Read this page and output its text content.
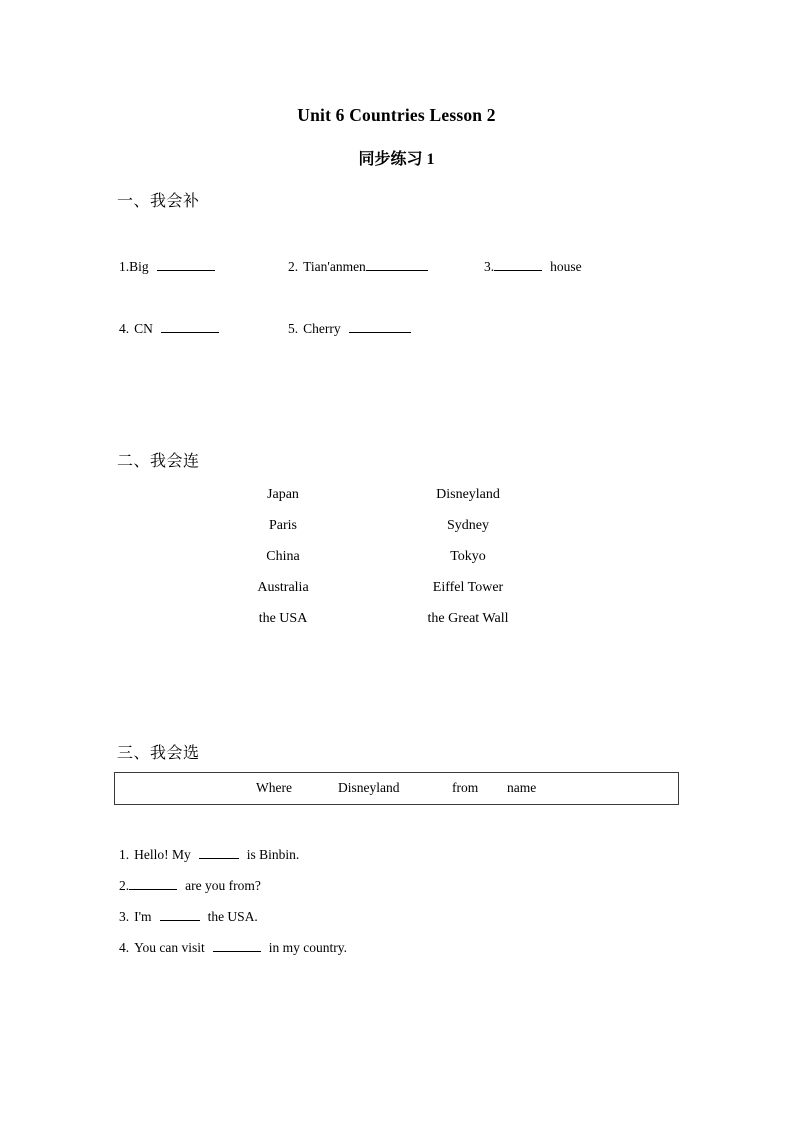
Unit 6 Countries Lesson 2
同步练习 1
一、我会补
1.Big	2. Tian'anmen	3.	house
4. CN	5. Cherry
二、我会连
Japan	Disneyland
Paris	Sydney
China	Tokyo
Australia	Eiffel Tower
the USA	the Great Wall
三、我会选
Where	Disneyland	from name
1. Hello! My	is Binbin.
2.	are you from?
3. I'm	the USA.
4. You can visit	in my country.
